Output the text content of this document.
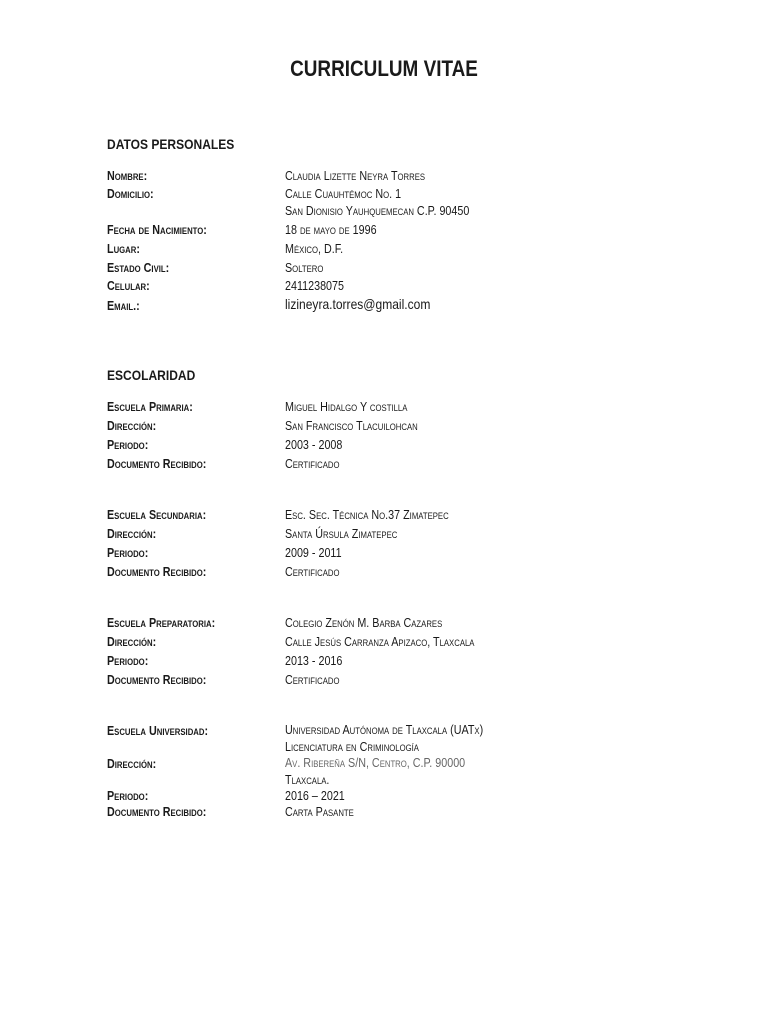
CURRICULUM VITAE
DATOS PERSONALES
Nombre:	Claudia Lizette Neyra Torres
Domicilio:	Calle Cuauhtémoc No. 1
San Dionisio Yauhquemecan C.P. 90450
Fecha de Nacimiento:	18 de mayo de 1996
Lugar:	México, D.F.
Estado Civil:	Soltero
Celular:	2411238075
Email.:	lizineyra.torres@gmail.com
ESCOLARIDAD
Escuela Primaria:	Miguel Hidalgo Y costilla
Dirección:	San Francisco Tlacuilohcan
Periodo:	2003 - 2008
Documento Recibido:	Certificado
Escuela Secundaria:	Esc. Sec. Técnica No.37 Zimatepec
Dirección:	Santa Úrsula Zimatepec
Periodo:	2009 - 2011
Documento Recibido:	Certificado
Escuela Preparatoria:	Colegio Zenón M. Barba Cazares
Dirección:	Calle Jesús Carranza Apizaco, Tlaxcala
Periodo:	2013 - 2016
Documento Recibido:	Certificado
Escuela Universidad:	Universidad Autónoma de Tlaxcala (UATx)
Licenciatura en Criminología
Dirección:	Av. Ribereña S/N, Centro, C.P. 90000
Tlaxcala.
Periodo:	2016 – 2021
Documento Recibido:	Carta Pasante
